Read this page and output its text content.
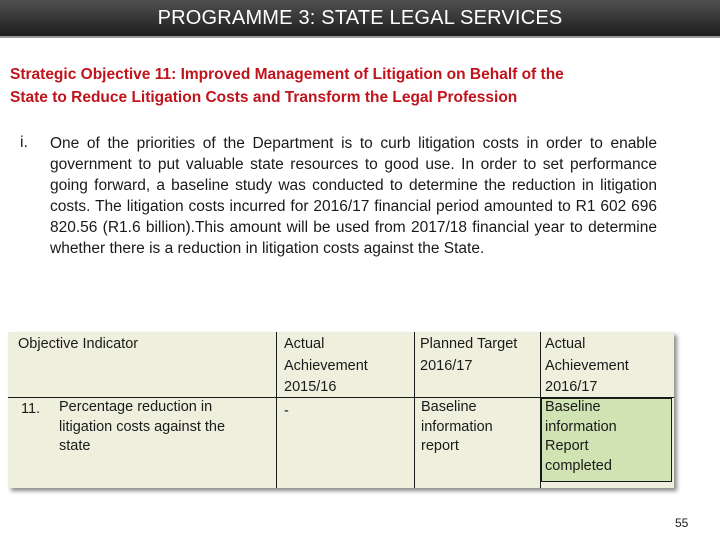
PROGRAMME 3: STATE LEGAL SERVICES
Strategic Objective 11: Improved Management of Litigation on Behalf of the
State to Reduce Litigation Costs and Transform the Legal Profession
i. One of the priorities of the Department is to curb litigation costs in order to enable government to put valuable state resources to good use. In order to set performance going forward, a baseline study was conducted to determine the reduction in litigation costs. The litigation costs incurred for 2016/17 financial period amounted to R1 602 696 820.56 (R1.6 billion).This amount will be used from 2017/18 financial year to determine whether there is a reduction in litigation costs against the State.
Objective Indicator	Actual
Achievement
2015/16
Planned Target
2016/17
Actual
Achievement
2016/17
11. Percentage reduction in
litigation costs against the
state
-	Baseline
information
report
Baseline
information
Report
completed
55
